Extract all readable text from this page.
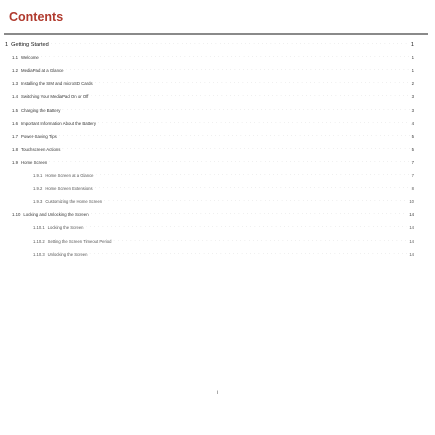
Contents
1 Getting Started . . .	1
1.1 Welcome . . .	1
1.2 MediaPad at a Glance . . .	1
1.3 Installing the SIM and microSD Cards . . .	2
1.4 Switching Your MediaPad On or Off . . .	3
1.5 Charging the Battery . . .	3
1.6 Important Information About the Battery . . .	4
1.7 Power-Saving Tips . . .	5
1.8 Touchscreen Actions . . .	5
1.9 Home Screen . . .	7
1.9.1 Home Screen at a Glance . . .	7
1.9.2 Home Screen Extensions . . .	8
1.9.3 Customizing the Home Screen . . .	10
1.10 Locking and Unlocking the Screen . . .	14
1.10.1 Locking the Screen . . .	14
1.10.2 Setting the Screen Timeout Period . . .	14
1.10.3 Unlocking the Screen . . .	14
i
